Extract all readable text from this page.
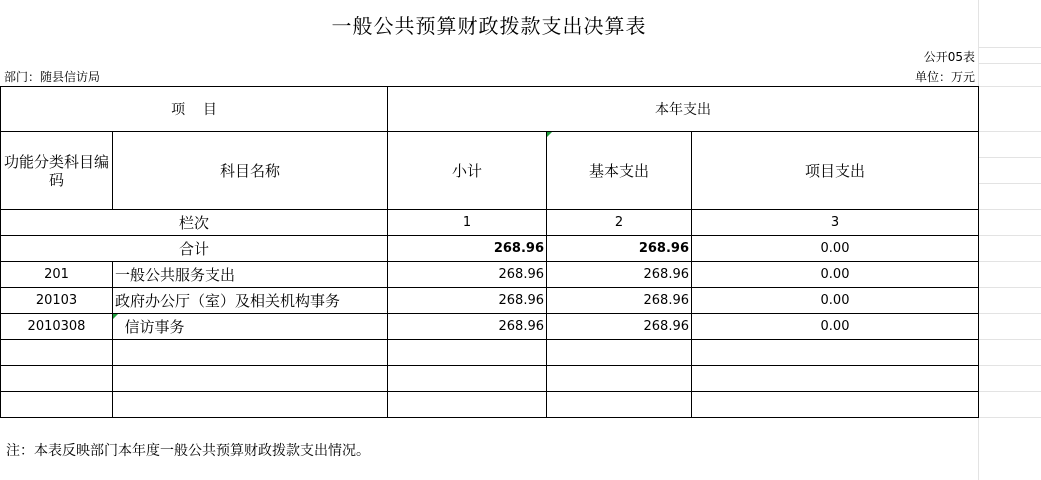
一般公共预算财政拨款支出决算表
公开05表
部门：随县信访局	单位：万元
项    目		本年支出		
功能分类科目编码	科目名称	小计	基本支出	项目支出
栏次		1	2	3
合计		268.96	268.96	0.00
201	一般公共服务支出	268.96	268.96	0.00
20103	政府办公厅（室）及相关机构事务	268.96	268.96	0.00
2010308	信访事务	268.96	268.96	0.00

注：本表反映部门本年度一般公共预算财政拨款支出情况。
